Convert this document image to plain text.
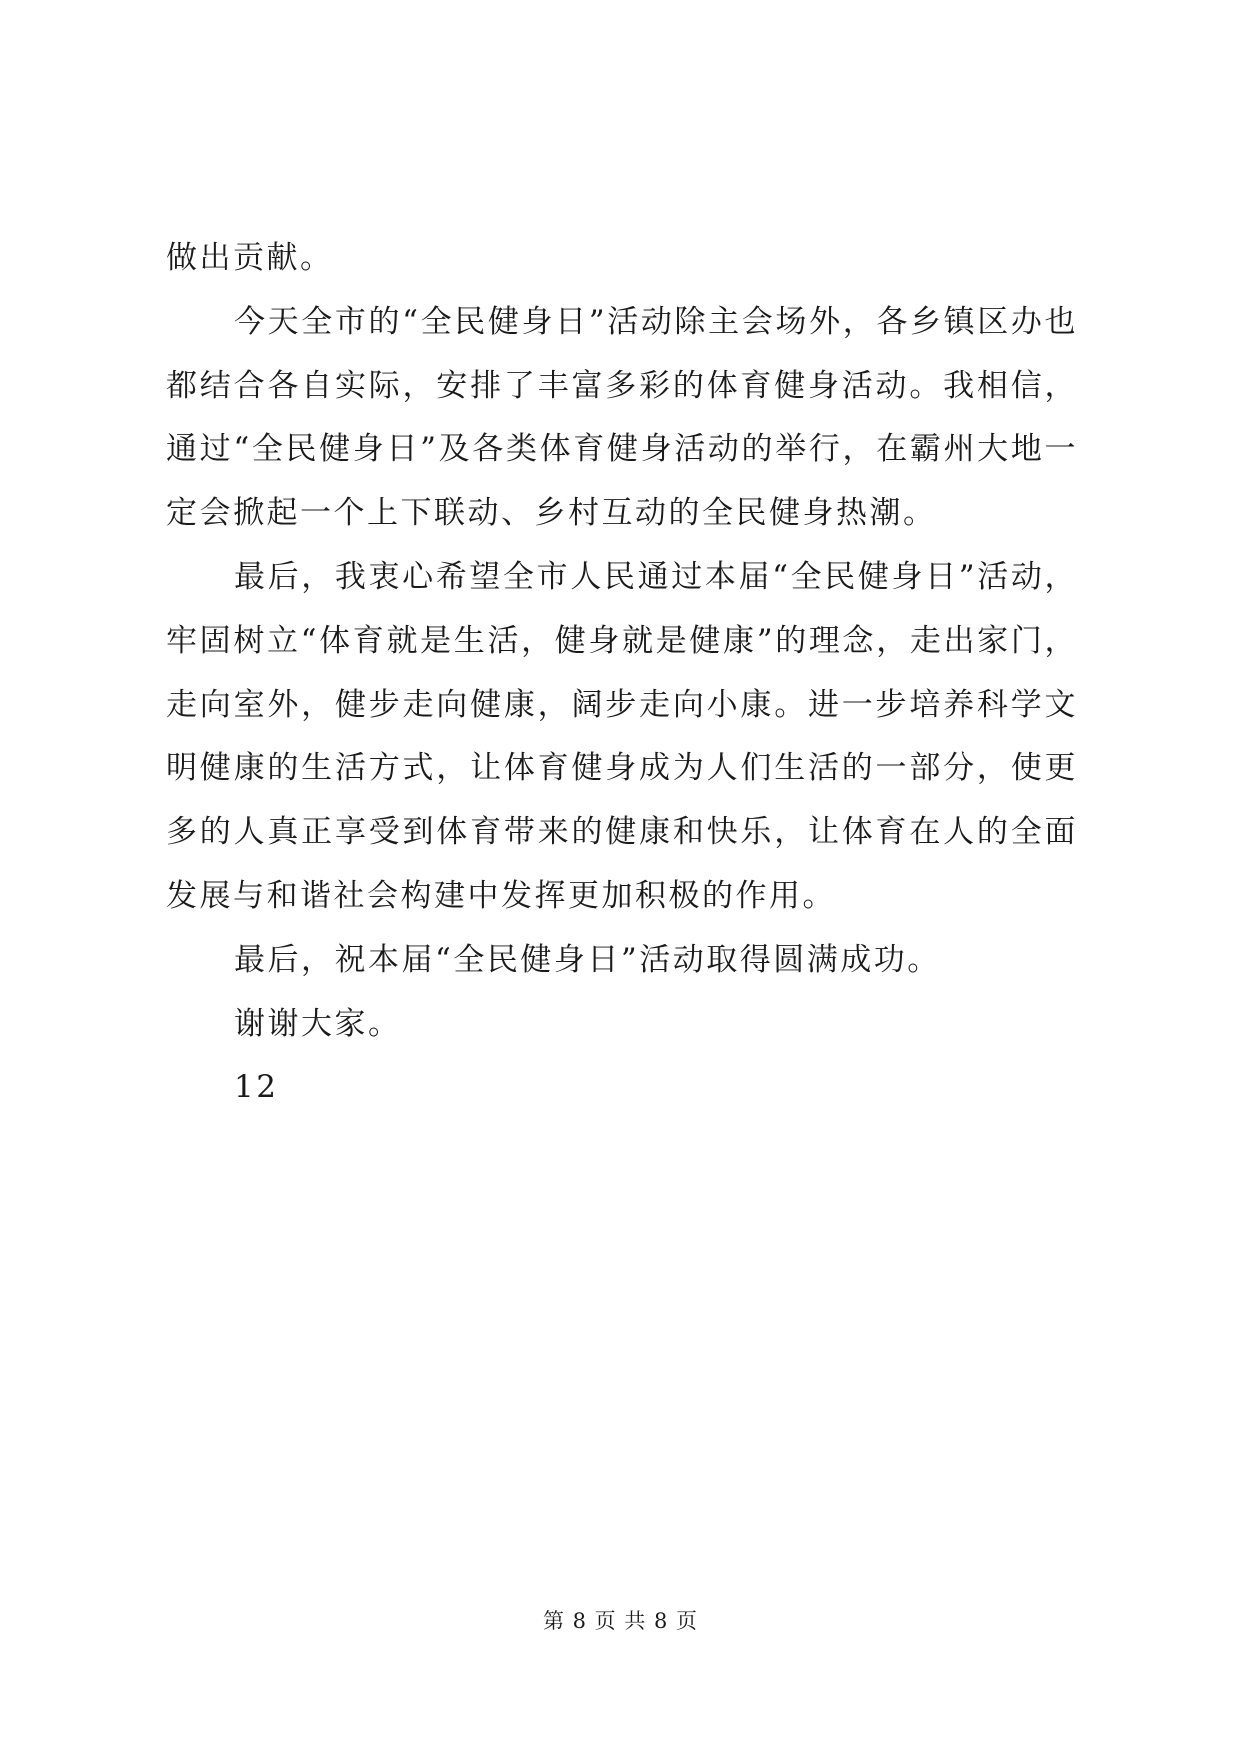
做出贡献。

今天全市的“全民健身日”活动除主会场外，各乡镇区办也都结合各自实际，安排了丰富多彩的体育健身活动。我相信，通过“全民健身日”及各类体育健身活动的举行，在霸州大地一定会掀起一个上下联动、乡村互动的全民健身热潮。

最后，我衷心希望全市人民通过本届“全民健身日”活动，牢固树立“体育就是生活，健身就是健康”的理念，走出家门，走向室外，健步走向健康，阔步走向小康。进一步培养科学文明健康的生活方式，让体育健身成为人们生活的一部分，使更多的人真正享受到体育带来的健康和快乐，让体育在人的全面发展与和谐社会构建中发挥更加积极的作用。

最后，祝本届“全民健身日”活动取得圆满成功。

谢谢大家。

12

第 8 页 共 8 页
